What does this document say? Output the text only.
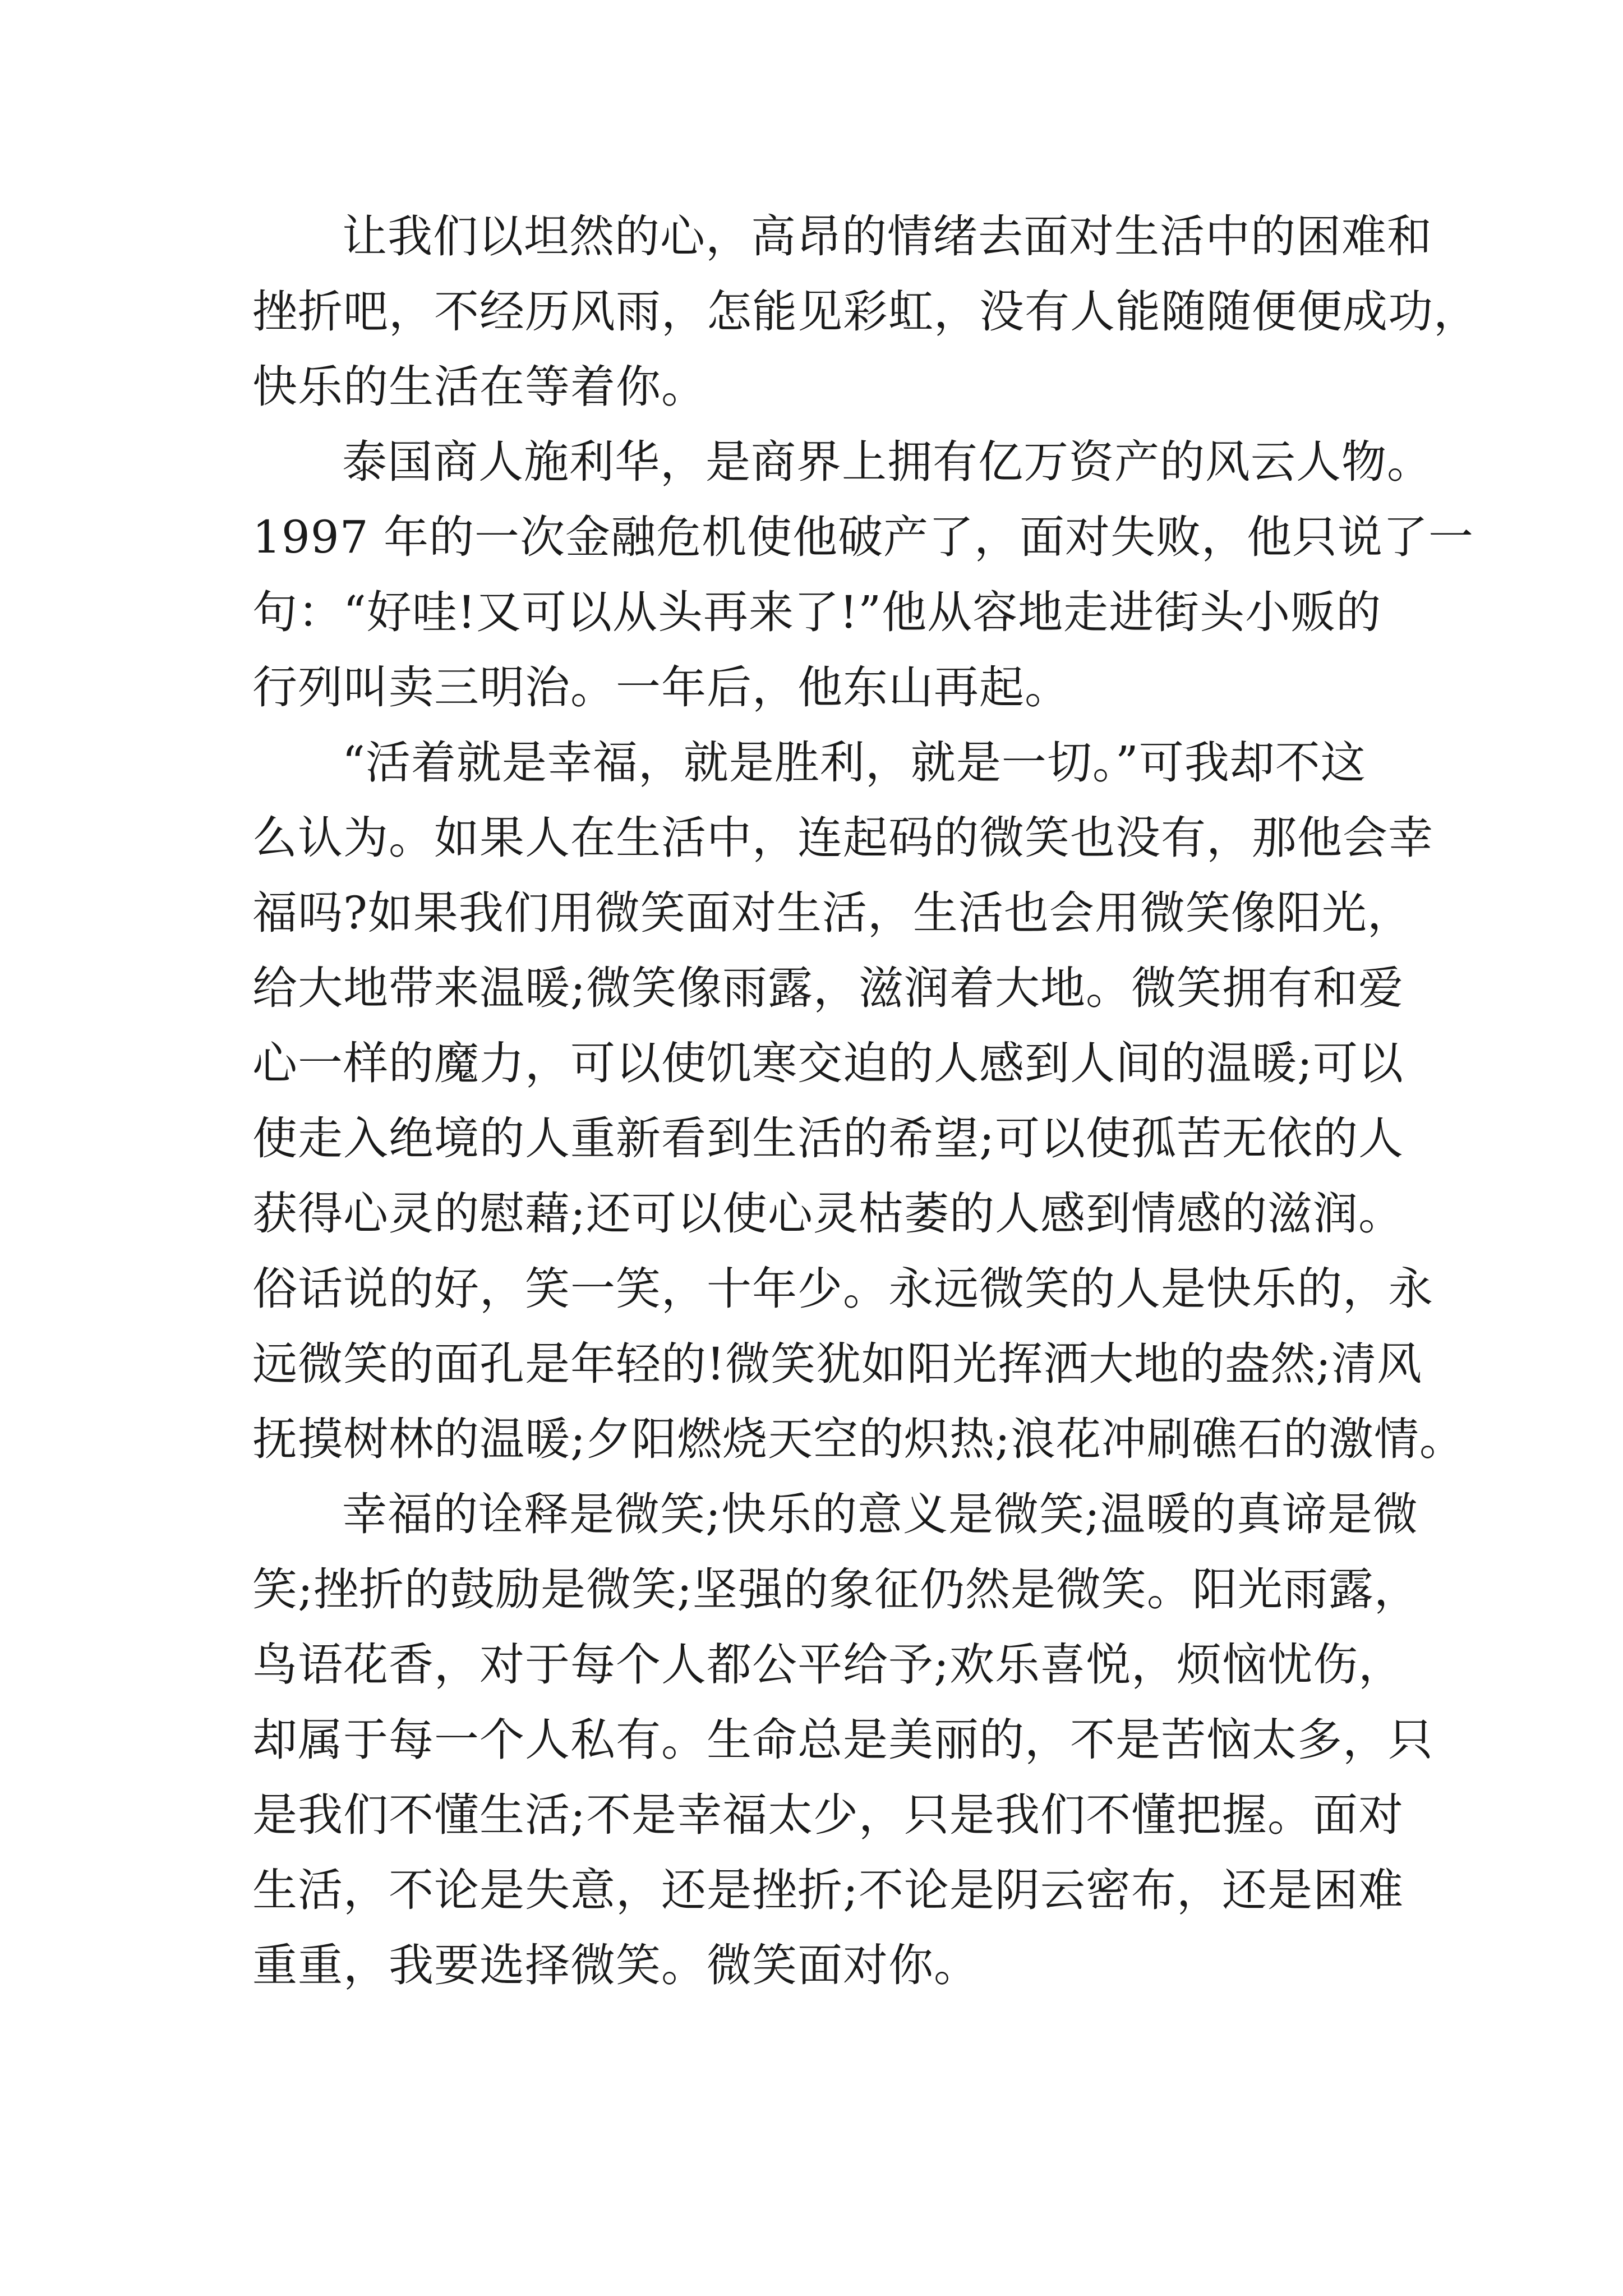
让我们以坦然的心，高昂的情绪去面对生活中的困难和
挫折吧，不经历风雨，怎能见彩虹，没有人能随随便便成功，
快乐的生活在等着你。
泰国商人施利华，是商界上拥有亿万资产的风云人物。
1997 年的一次金融危机使他破产了，面对失败，他只说了一
句：“好哇!又可以从头再来了!”他从容地走进街头小贩的
行列叫卖三明治。一年后，他东山再起。
“活着就是幸福，就是胜利，就是一切。”可我却不这
么认为。如果人在生活中，连起码的微笑也没有，那他会幸
福吗?如果我们用微笑面对生活，生活也会用微笑像阳光，
给大地带来温暖;微笑像雨露，滋润着大地。微笑拥有和爱
心一样的魔力，可以使饥寒交迫的人感到人间的温暖;可以
使走入绝境的人重新看到生活的希望;可以使孤苦无依的人
获得心灵的慰藉;还可以使心灵枯萎的人感到情感的滋润。
俗话说的好，笑一笑，十年少。永远微笑的人是快乐的，永
远微笑的面孔是年轻的!微笑犹如阳光挥洒大地的盎然;清风
抚摸树林的温暖;夕阳燃烧天空的炽热;浪花冲刷礁石的激情。
幸福的诠释是微笑;快乐的意义是微笑;温暖的真谛是微
笑;挫折的鼓励是微笑;坚强的象征仍然是微笑。阳光雨露，
鸟语花香，对于每个人都公平给予;欢乐喜悦，烦恼忧伤，
却属于每一个人私有。生命总是美丽的，不是苦恼太多，只
是我们不懂生活;不是幸福太少，只是我们不懂把握。面对
生活，不论是失意，还是挫折;不论是阴云密布，还是困难
重重，我要选择微笑。微笑面对你。
